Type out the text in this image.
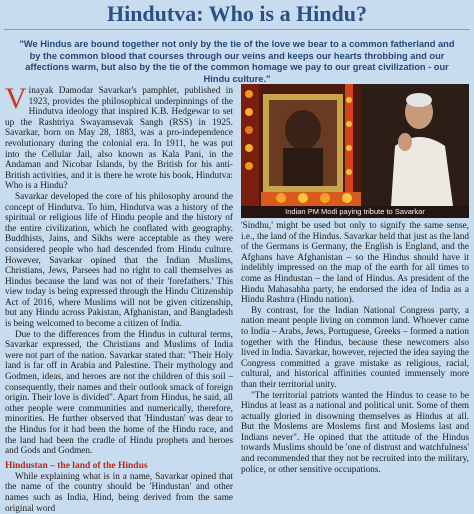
Hindutva: Who is a Hindu?
"We Hindus are bound together not only by the tie of the love we bear to a common fatherland and by the common blood that courses through our veins and keeps our hearts throbbing and our affections warm, but also by the tie of the common homage we pay to our great civilization - our Hindu culture."

Vinayak Damodar Savarkar's pamphlet, published in 1923, provides the philosophical underpinnings of the Hindutva ideology that inspired K.B. Hedgewar to set up the Rashtriya Swayamsevak Sangh (RSS) in 1925. Savarkar, born on May 28, 1883, was a pro-independence revolutionary during the colonial era. In 1911, he was put into the Cellular Jail, also known as Kala Pani, in the Andaman and Nicobar Islands, by the British for his anti-British activities, and it is there he wrote his book, Hindutva: Who is a Hindu?

Savarkar developed the core of his philosophy around the concept of Hindutva. To him, Hindutva was a history of the spiritual or religious life of Hindu people and the history of the entire civilization, which he conflated with geography. Buddhists, Jains, and Sikhs were acceptable as they were considered people who had descended from Hindu culture. However, Savarkar opined that the Indian Muslims, Christians, Jews, Parsees had no right to call themselves as Hindus because the land was not of their 'forefathers.' This view today is being expressed through the Hindu Citizenship Act of 2016, where Muslims will not be given citizenship, but any Hindu across Pakistan, Afghanistan, and Bangladesh is being welcomed to become a citizen of India.

Due to the differences from the Hindus in cultural terms, Savarkar expressed, the Christians and Muslims of India were not part of the nation. Savarkar stated that: "Their Holy land is far off in Arabia and Palestine. Their mythology and Godmen, ideas, and heroes are not the children of this soil – consequently, their names and their outlook smack of foreign origin. Their love is divided". Apart from Hindus, he said, all other people were communities and numerically, therefore, minorities. He further observed that 'Hindustan' was dear to the Hindus for it had been the home of the Hindu race, and the land had been the cradle of Hindu prophets and heroes and Gods and Godmen.

Hindustan – the land of the Hindus

While explaining what is in a name, Savarkar opined that the name of the country should be 'Hindustan' and other names such as India, Hind, being derived from the same original word

Indian PM Modi paying tribute to Savarkar

'Sindhu,' might be used but only to signify the same sense, i.e., the land of the Hindus. Savarkar held that just as the land of the Germans is Germany, the English is England, and the Afghans have Afghanistan – so the Hindus should have it indelibly impressed on the map of the earth for all times to come as Hindustan – the land of Hindus. As president of the Hindu Mahasabha party, he endorsed the idea of India as a Hindu Rashtra (Hindu nation).

By contrast, for the Indian National Congress party, a nation meant people living on common land. Whoever came to India – Arabs, Jews, Portuguese, Greeks – formed a nation together with the Hindus, because these newcomers also lived in India. Savarkar, however, rejected the idea saying the Congress committed a grave mistake as religious, racial, cultural, and historical affinities counted immensely more than their territorial unity.

"The territorial patriots wanted the Hindus to cease to be Hindus at least as a national and political unit. Some of them actually gloried in disowning themselves as Hindus at all. But the Moslems are Moslems first and Moslems last and Indians never". He opined that the attitude of the Hindus towards Muslims should be 'one of distrust and watchfulness' and recommended that they not be recruited into the military, police, or other sensitive occupations.
